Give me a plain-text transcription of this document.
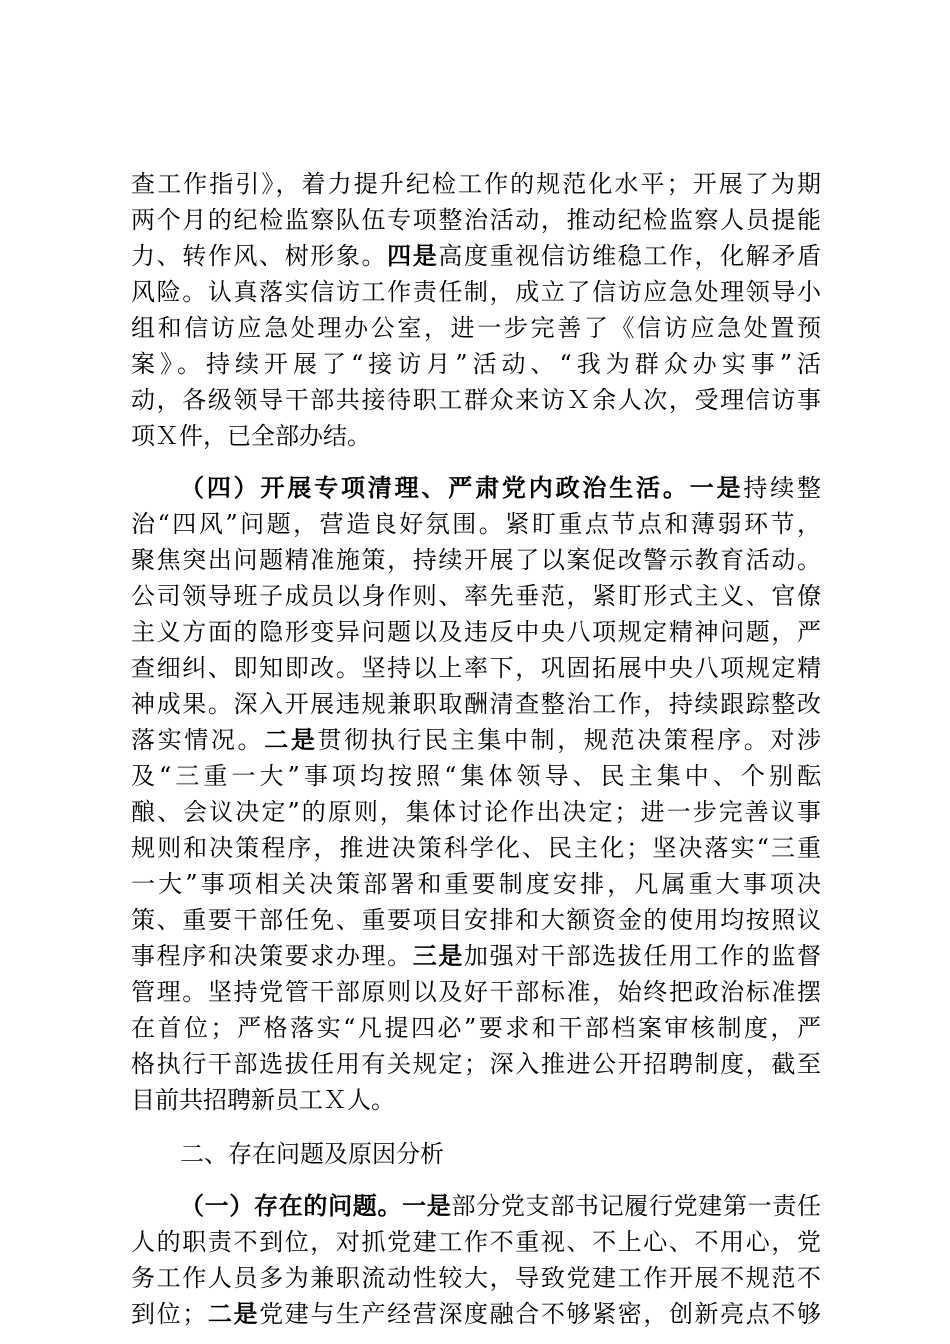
查工作指引》，着力提升纪检工作的规范化水平；开展了为期
两个月的纪检监察队伍专项整治活动，推动纪检监察人员提能
力、转作风、树形象。四是高度重视信访维稳工作，化解矛盾
风险。认真落实信访工作责任制，成立了信访应急处理领导小
组和信访应急处理办公室，进一步完善了《信访应急处置预
案》。持续开展了“接访月”活动、“我为群众办实事”活
动，各级领导干部共接待职工群众来访Ｘ余人次，受理信访事
项Ｘ件，已全部办结。
（四）开展专项清理、严肃党内政治生活。一是持续整
治“四风”问题，营造良好氛围。紧盯重点节点和薄弱环节，
聚焦突出问题精准施策，持续开展了以案促改警示教育活动。
公司领导班子成员以身作则、率先垂范，紧盯形式主义、官僚
主义方面的隐形变异问题以及违反中央八项规定精神问题，严
查细纠、即知即改。坚持以上率下，巩固拓展中央八项规定精
神成果。深入开展违规兼职取酬清查整治工作，持续跟踪整改
落实情况。二是贯彻执行民主集中制，规范决策程序。对涉
及“三重一大”事项均按照“集体领导、民主集中、个别酝
酿、会议决定”的原则，集体讨论作出决定；进一步完善议事
规则和决策程序，推进决策科学化、民主化；坚决落实“三重
一大”事项相关决策部署和重要制度安排，凡属重大事项决
策、重要干部任免、重要项目安排和大额资金的使用均按照议
事程序和决策要求办理。三是加强对干部选拔任用工作的监督
管理。坚持党管干部原则以及好干部标准，始终把政治标准摆
在首位；严格落实“凡提四必”要求和干部档案审核制度，严
格执行干部选拔任用有关规定；深入推进公开招聘制度，截至
目前共招聘新员工Ｘ人。
二、存在问题及原因分析
（一）存在的问题。一是部分党支部书记履行党建第一责任
人的职责不到位，对抓党建工作不重视、不上心、不用心，党
务工作人员多为兼职流动性较大，导致党建工作开展不规范不
到位；二是党建与生产经营深度融合不够紧密，创新亮点不够
